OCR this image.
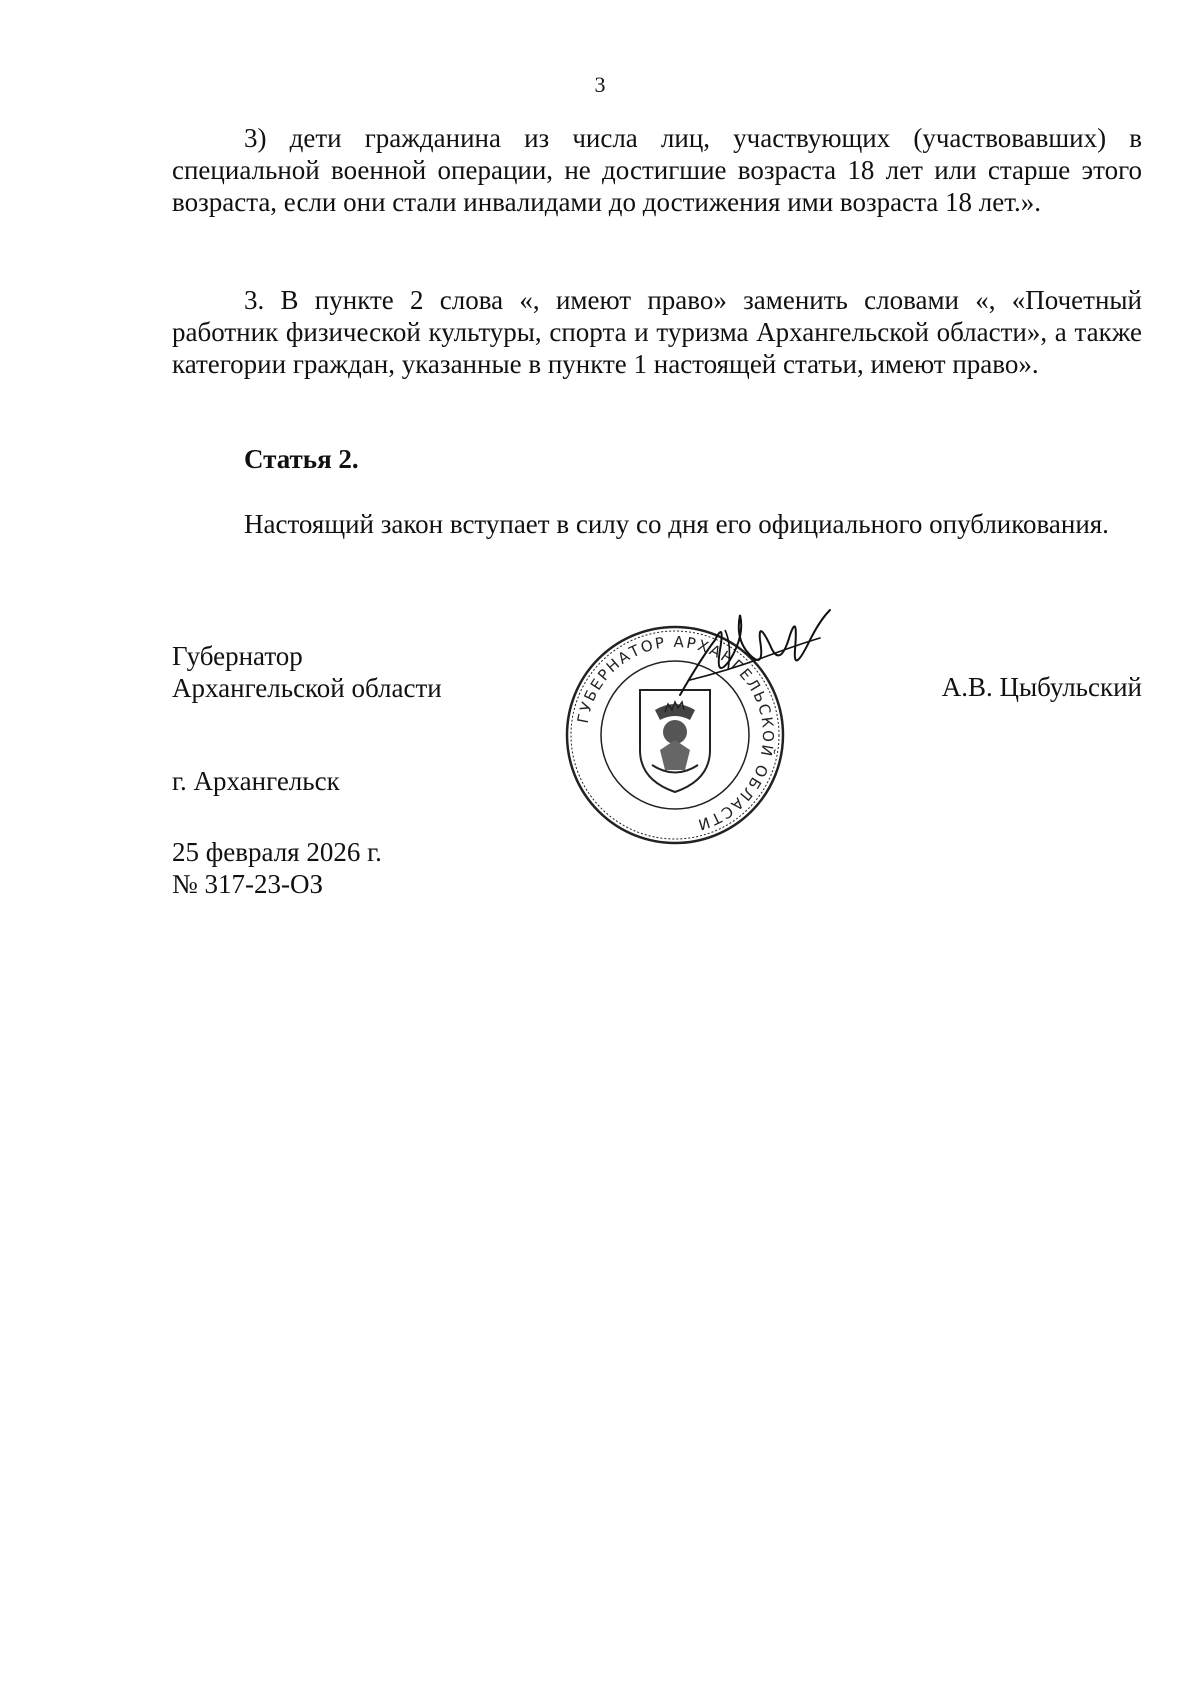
3

3) дети гражданина из числа лиц, участвующих (участвовавших) в специальной военной операции, не достигшие возраста 18 лет или старше этого возраста, если они стали инвалидами до достижения ими возраста 18 лет.».

3. В пункте 2 слова «, имеют право» заменить словами «, «Почетный работник физической культуры, спорта и туризма Архангельской области», а также категории граждан, указанные в пункте 1 настоящей статьи, имеют право».

Статья 2.

Настоящий закон вступает в силу со дня его официального опубликования.

Губернатор
Архангельской области	А.В. Цыбульский
ГУБЕРНАТОР АРХАНГЕЛЬСКОЙ ОБЛАСТИ
г. Архангельск
25 февраля 2026 г.
№ 317-23-ОЗ
